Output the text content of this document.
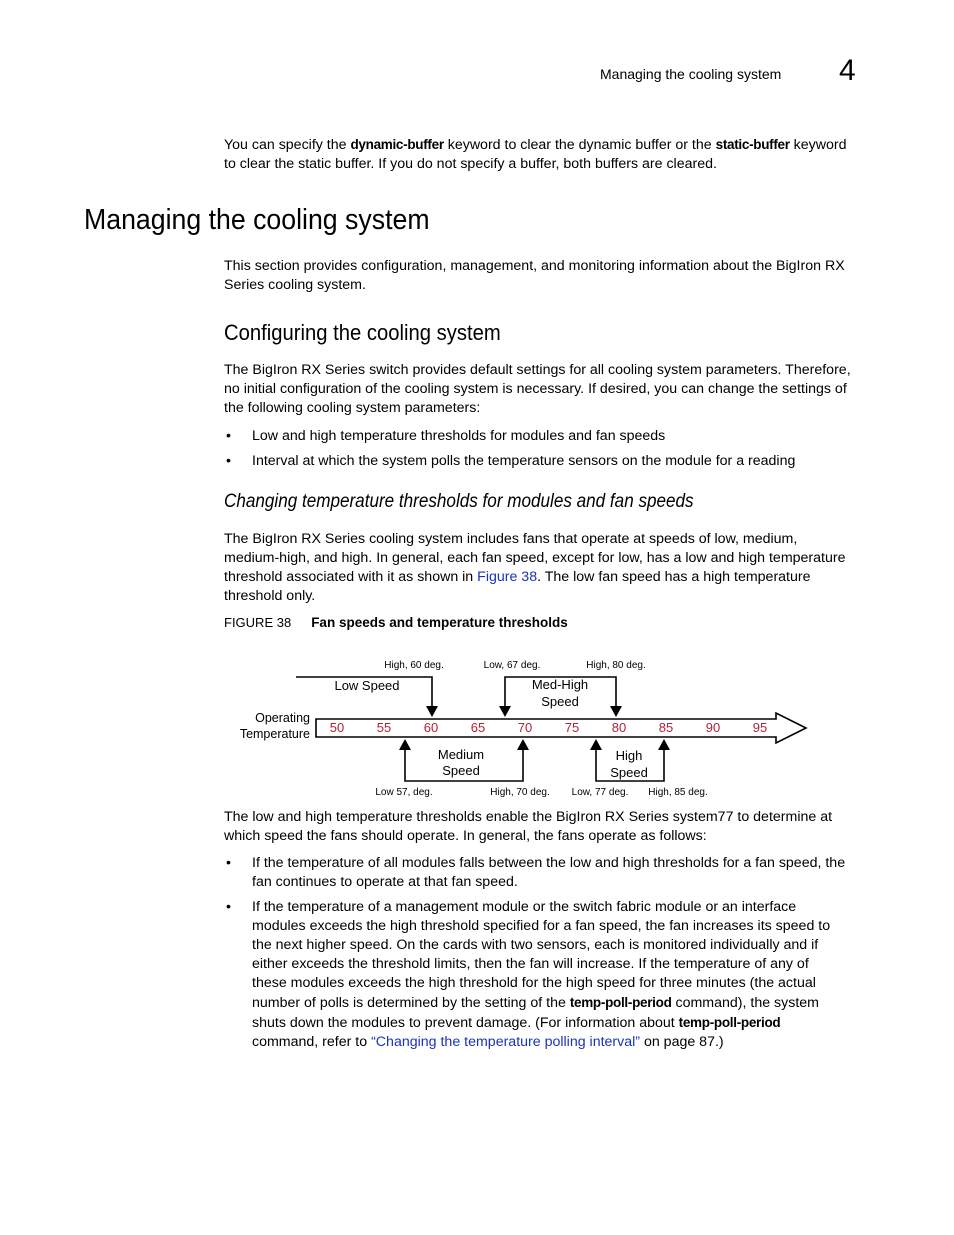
Managing the cooling system 4
You can specify the dynamic-buffer keyword to clear the dynamic buffer or the static-buffer keyword
to clear the static buffer. If you do not specify a buffer, both buffers are cleared.
Managing the cooling system
This section provides configuration, management, and monitoring information about the BigIron RX
Series cooling system.
Configuring the cooling system
The BigIron RX Series switch provides default settings for all cooling system parameters. Therefore,
no initial configuration of the cooling system is necessary. If desired, you can change the settings of
the following cooling system parameters:
• Low and high temperature thresholds for modules and fan speeds
• Interval at which the system polls the temperature sensors on the module for a reading
Changing temperature thresholds for modules and fan speeds
The BigIron RX Series cooling system includes fans that operate at speeds of low, medium,
medium-high, and high. In general, each fan speed, except for low, has a low and high temperature
threshold associated with it as shown in Figure 38. The low fan speed has a high temperature
threshold only.
FIGURE 38 Fan speeds and temperature thresholds
Operating
Temperature 50	55	60	65	70	75	80	85	90	95
Low Speed
High, 60 deg.
Med-High
Speed
Low, 67 deg.	High, 80 deg.
Medium
Speed
Low 57, deg.	High, 70 deg.
High
Speed
Low, 77 deg. High, 85 deg.
The low and high temperature thresholds enable the BigIron RX Series system77 to determine at
which speed the fans should operate. In general, the fans operate as follows:
• If the temperature of all modules falls between the low and high thresholds for a fan speed, the
fan continues to operate at that fan speed.
• If the temperature of a management module or the switch fabric module or an interface
modules exceeds the high threshold specified for a fan speed, the fan increases its speed to
the next higher speed. On the cards with two sensors, each is monitored individually and if
either exceeds the threshold limits, then the fan will increase. If the temperature of any of
these modules exceeds the high threshold for the high speed for three minutes (the actual
number of polls is determined by the setting of the temp-poll-period command), the system
shuts down the modules to prevent damage. (For information about temp-poll-period
command, refer to “Changing the temperature polling interval” on page 87.)
